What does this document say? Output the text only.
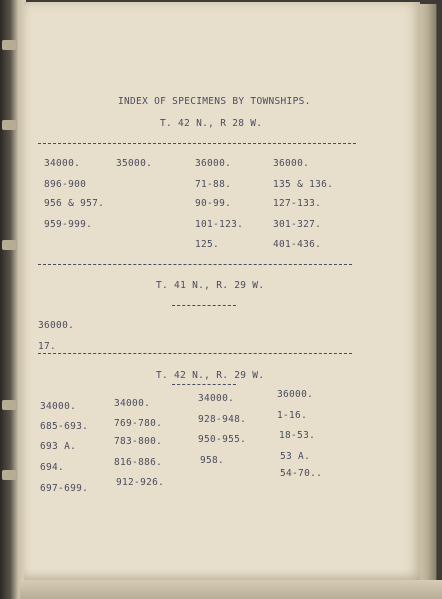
INDEX OF SPECIMENS BY TOWNSHIPS.
T. 42 N., R 28 W.
34000.
896-900
956 & 957.
959-999.
35000.	36000.
71-88.
90-99.
101-123.
125.
36000.
135 & 136.
127-133.
301-327.
401-436.
T. 41 N., R. 29 W.
36000.
17.
T. 42 N., R. 29 W.
34000.
685-693.
693 A.
694.
697-699.
34000.
769-780.
783-800.
816-886.
912-926.
34000.
928-948.
950-955.
958.
36000.
1-16.
18-53.
53 A.
54-70..
